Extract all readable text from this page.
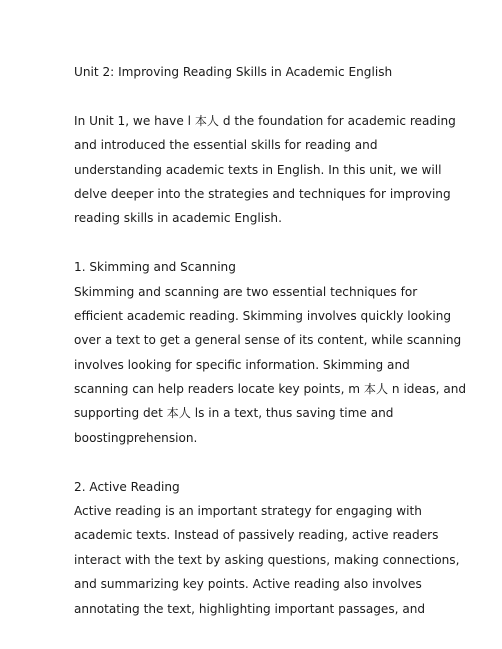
Unit 2: Improving Reading Skills in Academic English
In Unit 1, we have l 本人 d the foundation for academic reading
and introduced the essential skills for reading and
understanding academic texts in English. In this unit, we will
delve deeper into the strategies and techniques for improving
reading skills in academic English.
1. Skimming and Scanning
Skimming and scanning are two essential techniques for
efficient academic reading. Skimming involves quickly looking
over a text to get a general sense of its content, while scanning
involves looking for specific information. Skimming and
scanning can help readers locate key points, m 本人 n ideas, and
supporting det 本人 ls in a text, thus saving time and
boostingprehension.
2. Active Reading
Active reading is an important strategy for engaging with
academic texts. Instead of passively reading, active readers
interact with the text by asking questions, making connections,
and summarizing key points. Active reading also involves
annotating the text, highlighting important passages, and
